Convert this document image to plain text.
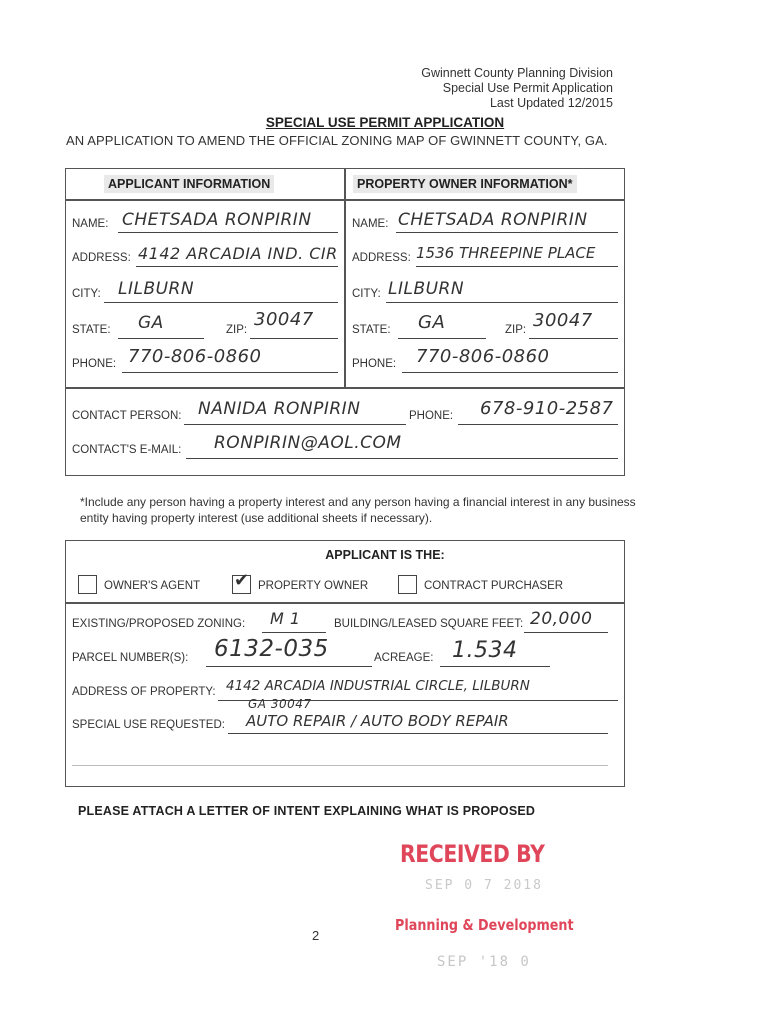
Gwinnett County Planning Division
Special Use Permit Application
Last Updated 12/2015
SPECIAL USE PERMIT APPLICATION
AN APPLICATION TO AMEND THE OFFICIAL ZONING MAP OF GWINNETT COUNTY, GA.
APPLICANT INFORMATION	PROPERTY OWNER INFORMATION*
NAME: CHETSADA RONPIRIN
ADDRESS: 4142 ARCADIA IND. CIR
CITY: LILBURN
STATE: GA	ZIP: 30047
PHONE: 770-806-0860
NAME: CHETSADA RONPIRIN
ADDRESS: 1536 THREEPINE PLACE
CITY: LILBURN
STATE: GA	ZIP: 30047
PHONE: 770-806-0860
CONTACT PERSON: NANIDA RONPIRIN	PHONE: 678-910-2587
CONTACT'S E-MAIL: RONPIRIN@AOL.COM
*Include any person having a property interest and any person having a financial interest in any business entity having property interest (use additional sheets if necessary).
APPLICANT IS THE:
OWNER'S AGENT ✔ PROPERTY OWNER	CONTRACT PURCHASER
EXISTING/PROPOSED ZONING: M 1	BUILDING/LEASED SQUARE FEET: 20,000
PARCEL NUMBER(S): 6132-035	ACREAGE: 1.534
ADDRESS OF PROPERTY: 4142 ARCADIA INDUSTRIAL CIRCLE, LILBURN
GA 30047
SPECIAL USE REQUESTED: AUTO REPAIR / AUTO BODY REPAIR
PLEASE ATTACH A LETTER OF INTENT EXPLAINING WHAT IS PROPOSED
2
RECEIVED BY
SEP 0 7 2018
Planning & Development
SEP '18 0
